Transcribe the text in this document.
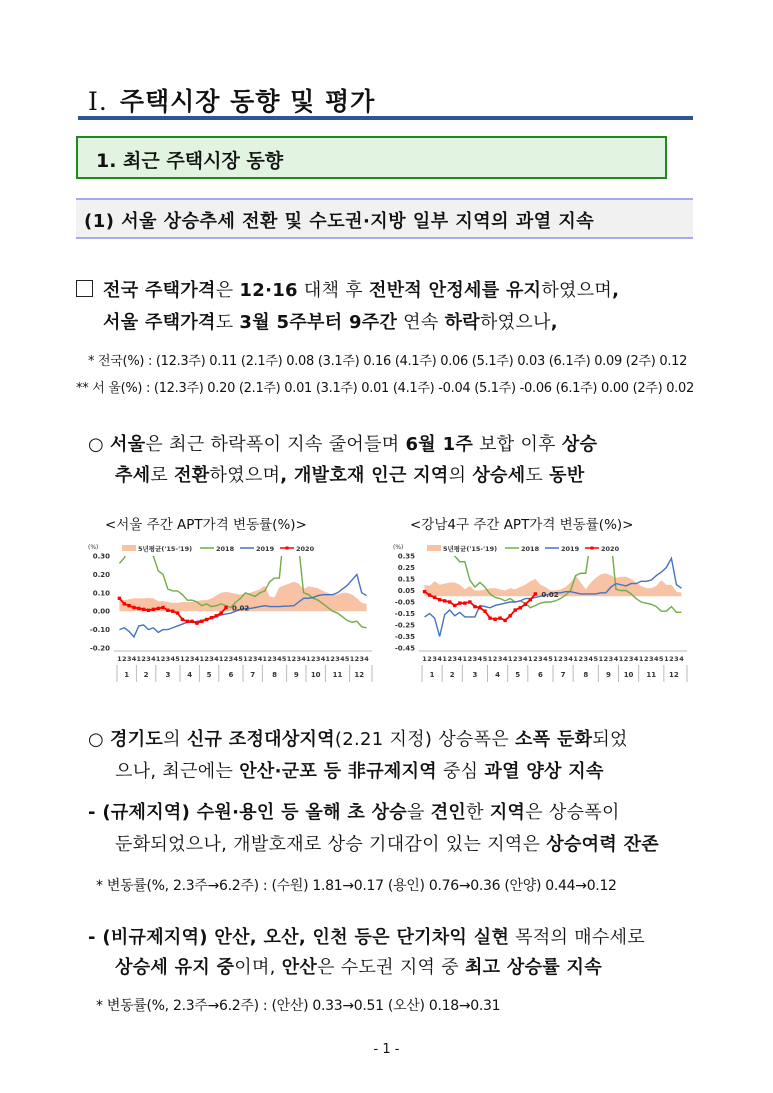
Ⅰ. 주택시장 동향 및 평가
1. 최근 주택시장 동향
(1) 서울 상승추세 전환 및 수도권·지방 일부 지역의 과열 지속
전국 주택가격은 12·16 대책 후 전반적 안정세를 유지하였으며,
서울 주택가격도 3월 5주부터 9주간 연속 하락하였으나,
* 전국(%) : (12.3주) 0.11 (2.1주) 0.08 (3.1주) 0.16 (4.1주) 0.06 (5.1주) 0.03 (6.1주) 0.09 (2주) 0.12
** 서 울(%) : (12.3주) 0.20 (2.1주) 0.01 (3.1주) 0.01 (4.1주) -0.04 (5.1주) -0.06 (6.1주) 0.00 (2주) 0.02
○ 서울은 최근 하락폭이 지속 줄어들며 6월 1주 보합 이후 상승
추세로 전환하였으며, 개발호재 인근 지역의 상승세도 동반
<서울 주간 APT가격 변동률(%)>	<강남4구 주간 APT가격 변동률(%)>
(%)
0.30
0.20
0.10
0.00
-0.10
-0.20
0.02
5년평균('15-'19)	2018	2019	2020
1 2 3 4
1
1 2 3 4
2
1 2 3 4 5
3
1 2 3 4
4
1 2 3 4
5
1 2 3 4 5
6
1 2 3 4
7
1 2 3 4 5
8
1 2 3 4
9
1 2 3 4
10
1 2 3 4 5
11
1 2 3 4
12
(%)
0.35
0.25
0.15
0.05
-0.05
-0.15
-0.25
-0.35
-0.45
0.02
5년평균('15-'19)	2018	2019	2020
1 2 3 4
1
1 2 3 4
2
1 2 3 4 5
3
1 2 3 4
4
1 2 3 4
5
1 2 3 4 5
6
1 2 3 4
7
1 2 3 4 5
8
1 2 3 4
9
1 2 3 4
10
1 2 3 4 5
11
1 2 3 4
12
○ 경기도의 신규 조정대상지역(2.21 지정) 상승폭은 소폭 둔화되었
으나, 최근에는 안산·군포 등 非규제지역 중심 과열 양상 지속
- (규제지역) 수원·용인 등 올해 초 상승을 견인한 지역은 상승폭이
둔화되었으나, 개발호재로 상승 기대감이 있는 지역은 상승여력 잔존
* 변동률(%, 2.3주→6.2주) : (수원) 1.81→0.17 (용인) 0.76→0.36 (안양) 0.44→0.12
- (비규제지역) 안산, 오산, 인천 등은 단기차익 실현 목적의 매수세로
상승세 유지 중이며, 안산은 수도권 지역 중 최고 상승률 지속
* 변동률(%, 2.3주→6.2주) : (안산) 0.33→0.51 (오산) 0.18→0.31
- 1 -
